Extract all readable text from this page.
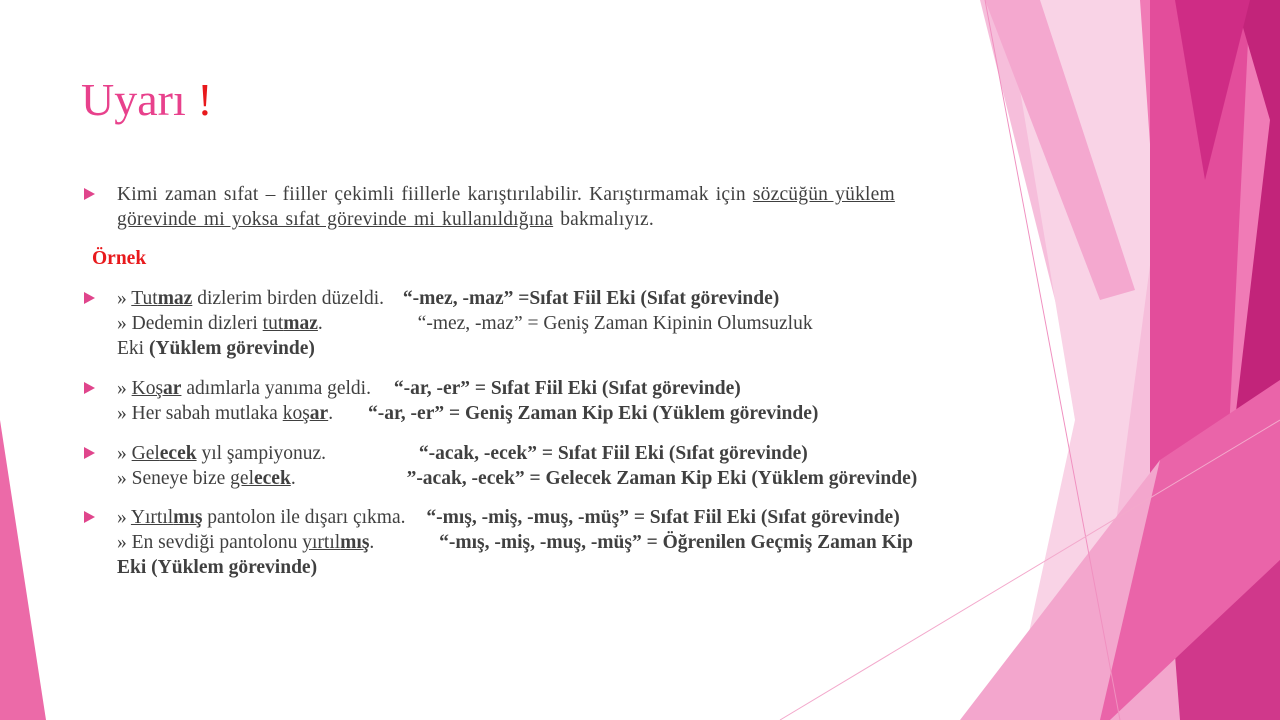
Uyarı !
Kimi zaman sıfat – fiiller çekimli fiillerle karıştırılabilir. Karıştırmamak için sözcüğün yüklem
görevinde mi yoksa sıfat görevinde mi kullanıldığına bakmalıyız.
Örnek
» Tutmaz dizlerim birden düzeldi. “-mez, -maz” =Sıfat Fiil Eki (Sıfat görevinde)
» Dedemin dizleri tutmaz.	“-mez, -maz” = Geniş Zaman Kipinin Olumsuzluk
Eki (Yüklem görevinde)
» Koşar adımlarla yanıma geldi. “-ar, -er” = Sıfat Fiil Eki (Sıfat görevinde)
» Her sabah mutlaka koşar. “-ar, -er” = Geniş Zaman Kip Eki (Yüklem görevinde)
» Gelecek yıl şampiyonuz.	“-acak, -ecek” = Sıfat Fiil Eki (Sıfat görevinde)
» Seneye bize gelecek.	”-acak, -ecek” = Gelecek Zaman Kip Eki (Yüklem görevinde)
» Yırtılmış pantolon ile dışarı çıkma. “-mış, -miş, -muş, -müş” = Sıfat Fiil Eki (Sıfat görevinde)
» En sevdiği pantolonu yırtılmış.	“-mış, -miş, -muş, -müş” = Öğrenilen Geçmiş Zaman Kip
Eki (Yüklem görevinde)
